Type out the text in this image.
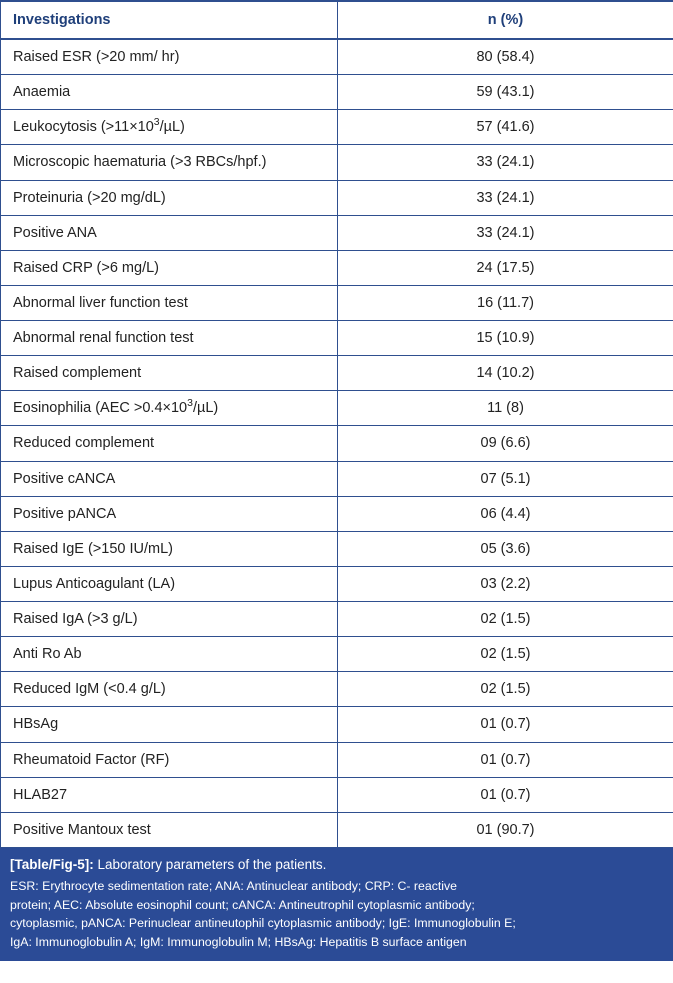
Investigations	n (%)
Raised ESR (>20 mm/ hr)	80 (58.4)
Anaemia	59 (43.1)
Leukocytosis $(>11\times 10^3/\mu L)$	57 (41.6)
Microscopic haematuria (>3 RBCs/hpf.)	33 (24.1)
Proteinuria (>20 mg/dL)	33 (24.1)
Positive ANA	33 (24.1)
Raised CRP (>6 mg/L)	24 (17.5)
Abnormal liver function test	16 (11.7)
Abnormal renal function test	15 (10.9)
Raised complement	14 (10.2)
Eosinophilia $(AEC >0.4\times 10^3/\mu L)$	11 (8)
Reduced complement	09 (6.6)
Positive cANCA	07 (5.1)
Positive pANCA	06 (4.4)
Raised IgE (>150 IU/mL)	05 (3.6)
Lupus Anticoagulant (LA)	03 (2.2)
Raised IgA (>3 g/L)	02 (1.5)
Anti Ro Ab	02 (1.5)
Reduced IgM (<0.4 g/L)	02 (1.5)
HBsAg	01 (0.7)
Rheumatoid Factor (RF)	01 (0.7)
HLAB27	01 (0.7)
Positive Mantoux test	01 (90.7)
[Table/Fig-5]: Laboratory parameters of the patients.
ESR: Erythrocyte sedimentation rate; ANA: Antinuclear antibody; CRP: C- reactive
protein; AEC: Absolute eosinophil count; cANCA: Antineutrophil cytoplasmic antibody;
cytoplasmic, pANCA: Perinuclear antineutophil cytoplasmic antibody; IgE: Immunoglobulin E;
IgA: Immunoglobulin A; IgM: Immunoglobulin M; HBsAg: Hepatitis B surface antigen
